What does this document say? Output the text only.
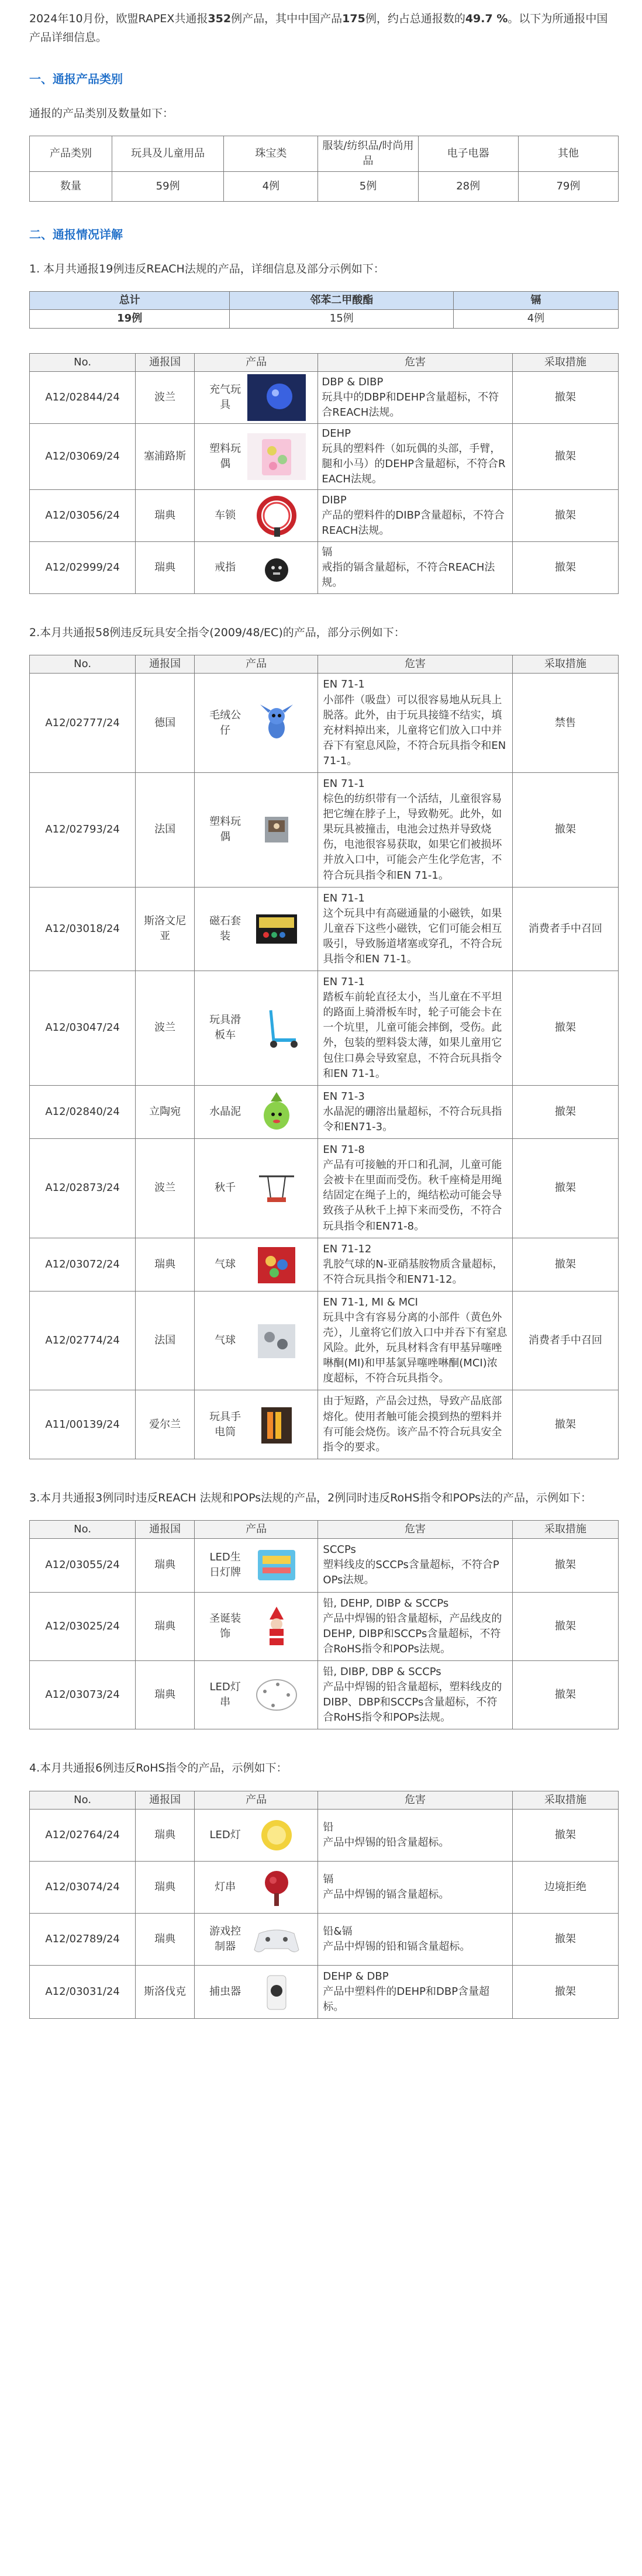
2024年10月份，欧盟RAPEX共通报352例产品，其中中国产品175例，约占总通报数的49.7 %。以下为所通报中国产品详细信息。

一、通报产品类别

通报的产品类别及数量如下：

产品类别	玩具及儿童用品	珠宝类	服装/纺织品/时尚用品	电子电器	其他
数量	59例	4例	5例	28例	79例
二、通报情况详解

1. 本月共通报19例违反REACH法规的产品，详细信息及部分示例如下：

总计	邻苯二甲酸酯	镉
19例	15例	4例
No.	通报国	产品	危害	采取措施
A12/02844/24	波兰	充气玩具	DBP & DIBP
玩具中的DBP和DEHP含量超标，不符合REACH法规。	撤架
A12/03069/24	塞浦路斯	塑料玩偶	DEHP
玩具的塑料件（如玩偶的头部，手臂，腿和小马）的DEHP含量超标，不符合REACH法规。	撤架
A12/03056/24	瑞典	车锁	DIBP
产品的塑料件的DIBP含量超标，不符合REACH法规。	撤架
A12/02999/24	瑞典	戒指	镉
戒指的镉含量超标，不符合REACH法规。	撤架

2.本月共通报58例违反玩具安全指令(2009/48/EC)的产品，部分示例如下：

No.	通报国	产品	危害	采取措施
A12/02777/24	德国	毛绒公仔	EN 71-1
小部件（吸盘）可以很容易地从玩具上脱落。此外，由于玩具接缝不结实，填充材料掉出来，儿童将它们放入口中并吞下有窒息风险，不符合玩具指令和EN 71-1。	禁售
A12/02793/24	法国	塑料玩偶	EN 71-1
棕色的纺织带有一个活结，儿童很容易把它缠在脖子上，导致勒死。此外，如果玩具被撞击，电池会过热并导致烧伤，电池很容易获取，如果它们被损坏并放入口中，可能会产生化学危害，不符合玩具指令和EN 71-1。	撤架
A12/03018/24	斯洛文尼亚	磁石套装	EN 71-1
这个玩具中有高磁通量的小磁铁，如果儿童吞下这些小磁铁，它们可能会相互吸引，导致肠道堵塞或穿孔，不符合玩具指令和EN 71-1。	消费者手中召回
A12/03047/24	波兰	玩具滑板车	EN 71-1
踏板车前轮直径太小，当儿童在不平坦的路面上骑滑板车时，轮子可能会卡在一个坑里，儿童可能会摔倒，受伤。此外，包装的塑料袋太薄，如果儿童用它包住口鼻会导致窒息，不符合玩具指令和EN 71-1。	撤架
A12/02840/24	立陶宛	水晶泥	EN 71-3
水晶泥的硼溶出量超标，不符合玩具指令和EN71-3。	撤架
A12/02873/24	波兰	秋千	EN 71-8
产品有可接触的开口和孔洞，儿童可能会被卡在里面而受伤。秋千座椅是用绳结固定在绳子上的，绳结松动可能会导致孩子从秋千上掉下来而受伤，不符合玩具指令和EN71-8。	撤架
A12/03072/24	瑞典	气球	EN 71-12
乳胶气球的N-亚硝基胺物质含量超标，不符合玩具指令和EN71-12。	撤架
A12/02774/24	法国	气球	EN 71-1, MI & MCI
玩具中含有容易分离的小部件（黄色外壳），儿童将它们放入口中并吞下有窒息风险。此外，玩具材料含有甲基异噻唑啉酮(MI)和甲基氯异噻唑啉酮(MCI)浓度超标，不符合玩具指令。	消费者手中召回
A11/00139/24	爱尔兰	玩具手电筒	由于短路，产品会过热，导致产品底部熔化。使用者触可能会摸到热的塑料并有可能会烧伤。该产品不符合玩具安全指令的要求。	撤架

3.本月共通报3例同时违反REACH 法规和POPs法规的产品，2例同时违反RoHS指令和POPs法的产品，示例如下：

No.	通报国	产品	危害	采取措施
A12/03055/24	瑞典	LED生日灯牌	SCCPs
塑料线皮的SCCPs含量超标，不符合POPs法规。	撤架
A12/03025/24	瑞典	圣诞装饰	铅, DEHP, DIBP & SCCPs
产品中焊锡的铅含量超标，产品线皮的DEHP, DIBP和SCCPs含量超标，不符合RoHS指令和POPs法规。	撤架
A12/03073/24	瑞典	LED灯串	铅, DIBP, DBP & SCCPs
产品中焊锡的铅含量超标，塑料线皮的DIBP、DBP和SCCPs含量超标，不符合RoHS指令和POPs法规。	撤架

4.本月共通报6例违反RoHS指令的产品，示例如下：

No.	通报国	产品	危害	采取措施
A12/02764/24	瑞典	LED灯	铅
产品中焊锡的铅含量超标。	撤架
A12/03074/24	瑞典	灯串	镉
产品中焊锡的镉含量超标。	边境拒绝
A12/02789/24	瑞典	游戏控制器	铅&镉
产品中焊锡的铅和镉含量超标。	撤架
A12/03031/24	斯洛伐克	捕虫器	DEHP & DBP
产品中塑料件的DEHP和DBP含量超标。	撤架
